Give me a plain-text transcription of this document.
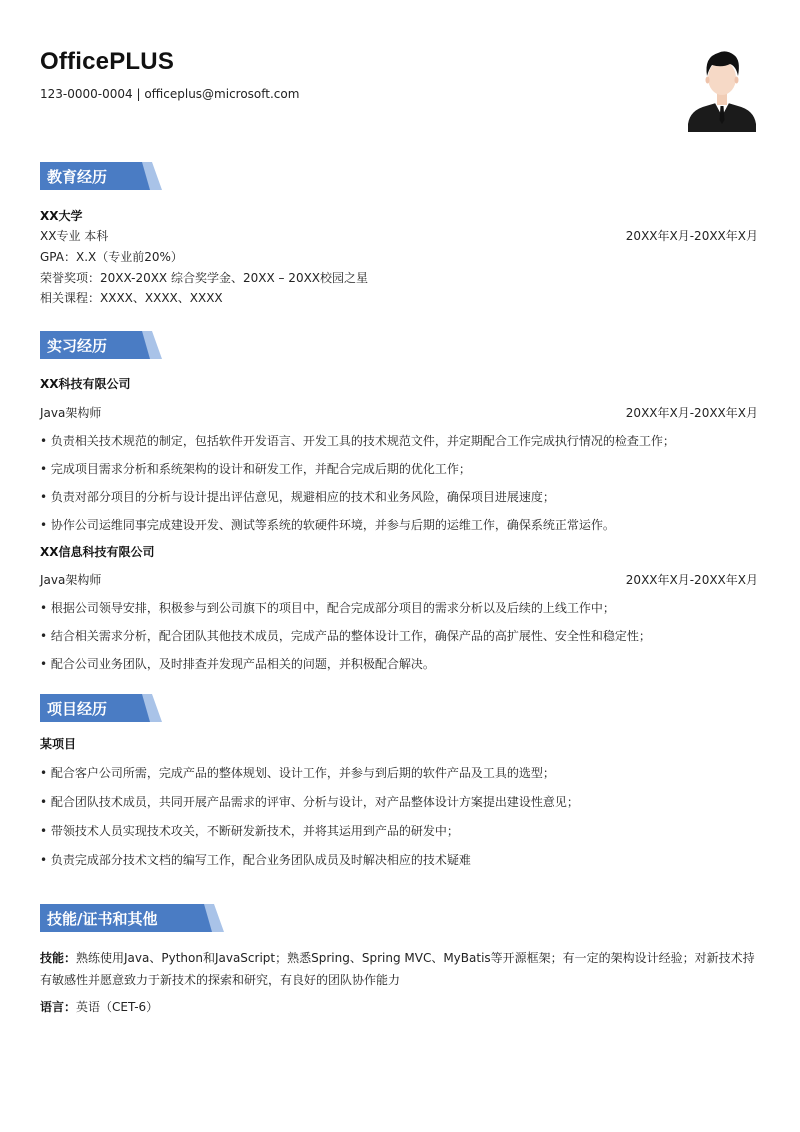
OfficePLUS
123-0000-0004 | officeplus@microsoft.com
教育经历
XX大学
XX专业 本科	20XX年X月-20XX年X月
GPA：X.X（专业前20%）
荣誉奖项：20XX-20XX 综合奖学金、20XX – 20XX校园之星
相关课程：XXXX、XXXX、XXXX
实习经历
XX科技有限公司
Java架构师	20XX年X月-20XX年X月
• 负责相关技术规范的制定，包括软件开发语言、开发工具的技术规范文件，并定期配合工作完成执行情况的检查工作；
• 完成项目需求分析和系统架构的设计和研发工作，并配合完成后期的优化工作；
• 负责对部分项目的分析与设计提出评估意见，规避相应的技术和业务风险，确保项目进展速度；
• 协作公司运维同事完成建设开发、测试等系统的软硬件环境，并参与后期的运维工作，确保系统正常运作。
XX信息科技有限公司
Java架构师	20XX年X月-20XX年X月
• 根据公司领导安排，积极参与到公司旗下的项目中，配合完成部分项目的需求分析以及后续的上线工作中；
• 结合相关需求分析，配合团队其他技术成员，完成产品的整体设计工作，确保产品的高扩展性、安全性和稳定性；
• 配合公司业务团队，及时排查并发现产品相关的问题，并积极配合解决。
项目经历
某项目
• 配合客户公司所需，完成产品的整体规划、设计工作，并参与到后期的软件产品及工具的选型；
• 配合团队技术成员，共同开展产品需求的评审、分析与设计，对产品整体设计方案提出建设性意见；
• 带领技术人员实现技术攻关，不断研发新技术，并将其运用到产品的研发中；
• 负责完成部分技术文档的编写工作，配合业务团队成员及时解决相应的技术疑难
技能/证书和其他
技能：熟练使用Java、Python和JavaScript；熟悉Spring、Spring MVC、MyBatis等开源框架；有一定的架构设计经验；对新技术持有敏感性并愿意致力于新技术的探索和研究，有良好的团队协作能力
语言：英语（CET-6）
